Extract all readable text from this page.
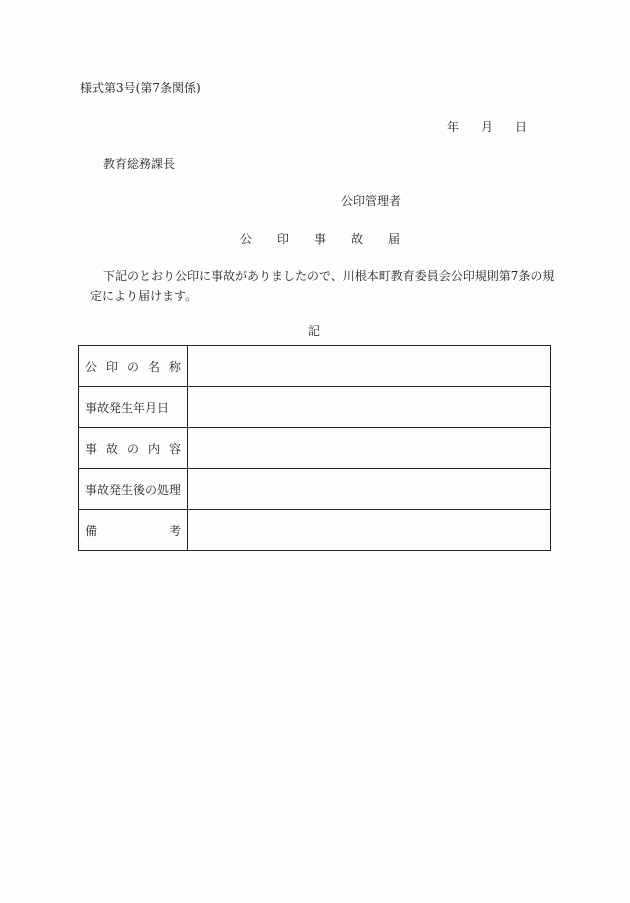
様式第3号(第7条関係)
年 月 日
教育総務課長
公印管理者
公 印 事 故 届
下記のとおり公印に事故がありましたので、川根本町教育委員会公印規則第7条の規定により届けます。
記
公 印 の 名 称	

事故発生年月日	

事 故 の 内 容	

事故発生後の処理	

備 考	
